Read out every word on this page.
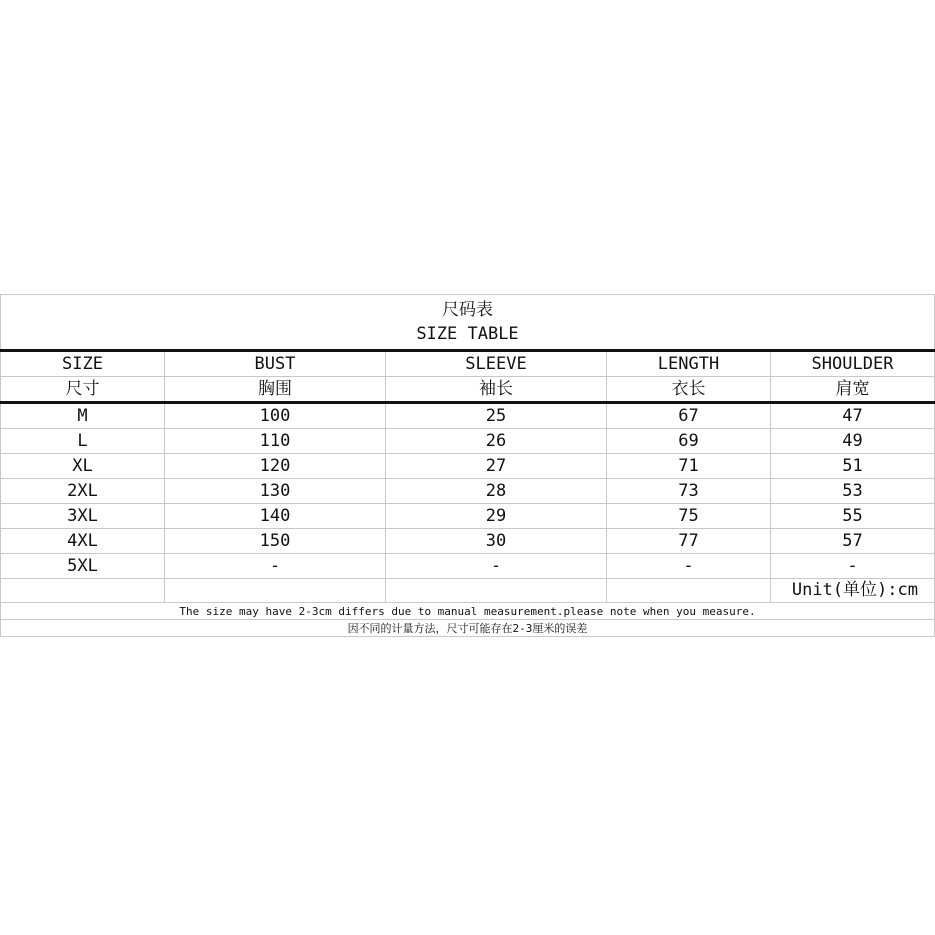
尺码表
SIZE TABLE				

SIZE	BUST	SLEEVE	LENGTH	SHOULDER
尺寸	胸围	袖长	衣长	肩宽
M	100	25	67	47
L	110	26	69	49
XL	120	27	71	51
2XL	130	28	73	53
3XL	140	29	75	55
4XL	150	30	77	57
5XL	-	-	-	-
				Unit(单位):cm
The size may have 2-3cm differs due to manual measurement.please note when you measure.				
因不同的计量方法，尺寸可能存在2-3厘米的误差				
